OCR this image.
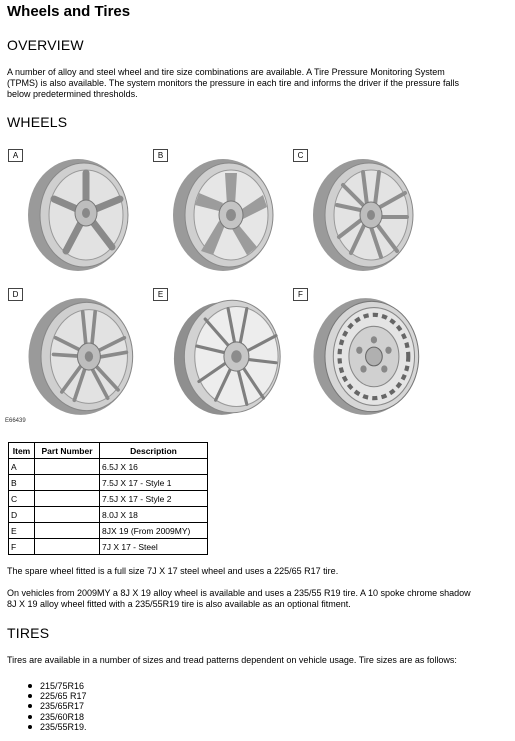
Wheels and Tires
OVERVIEW
A number of alloy and steel wheel and tire size combinations are available. A Tire Pressure Monitoring System
(TPMS) is also available. The system monitors the pressure in each tire and informs the driver if the pressure falls
below predetermined thresholds.
WHEELS
A	B	C
D	E	F
E66439
Item	Part Number	Description
A		6.5J X 16
B		7.5J X 17 - Style 1
C		7.5J X 17 - Style 2
D		8.0J X 18
E		8JX 19 (From 2009MY)
F		7J X 17 - Steel
The spare wheel fitted is a full size 7J X 17 steel wheel and uses a 225/65 R17 tire.
On vehicles from 2009MY a 8J X 19 alloy wheel is available and uses a 235/55 R19 tire. A 10 spoke chrome shadow
8J X 19 alloy wheel fitted with a 235/55R19 tire is also available as an optional fitment.
TIRES
Tires are available in a number of sizes and tread patterns dependent on vehicle usage. Tire sizes are as follows:
215/75R16
225/65 R17
235/65R17
235/60R18
235/55R19.
